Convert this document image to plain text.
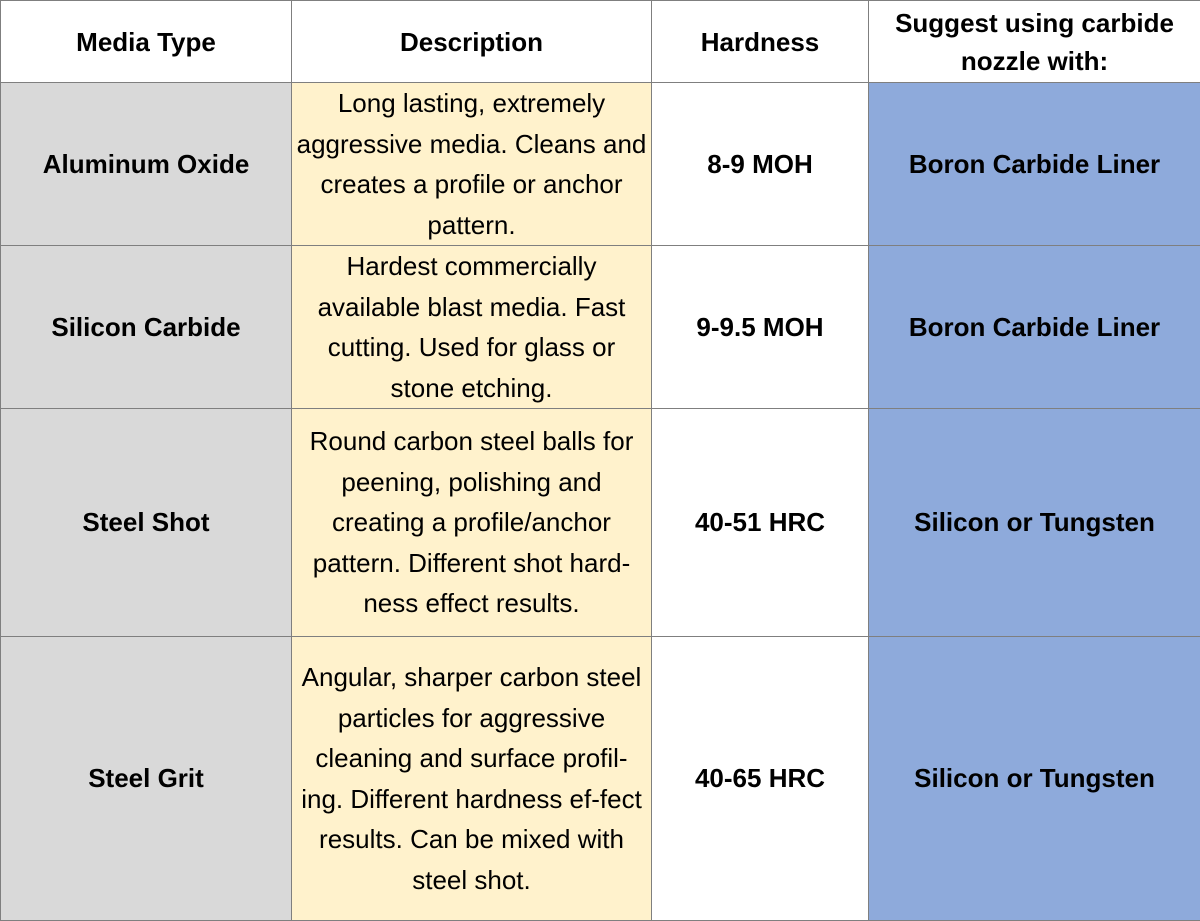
Media Type	Description	Hardness	Suggest using carbide nozzle with:
Aluminum Oxide	Long lasting, extremely aggressive media. Cleans and creates a profile or anchor pattern.	8-9 MOH	Boron Carbide Liner
Silicon Carbide	Hardest commercially available blast media. Fast cutting. Used for glass or stone etching.	9-9.5 MOH	Boron Carbide Liner
Steel Shot	Round carbon steel balls for peening, polishing and creating a profile/anchor pattern. Different shot hard-ness effect results.	40-51 HRC	Silicon or Tungsten
Steel Grit	Angular, sharper carbon steel particles for aggressive cleaning and surface profil-ing. Different hardness ef-fect results. Can be mixed with steel shot.	40-65 HRC	Silicon or Tungsten
